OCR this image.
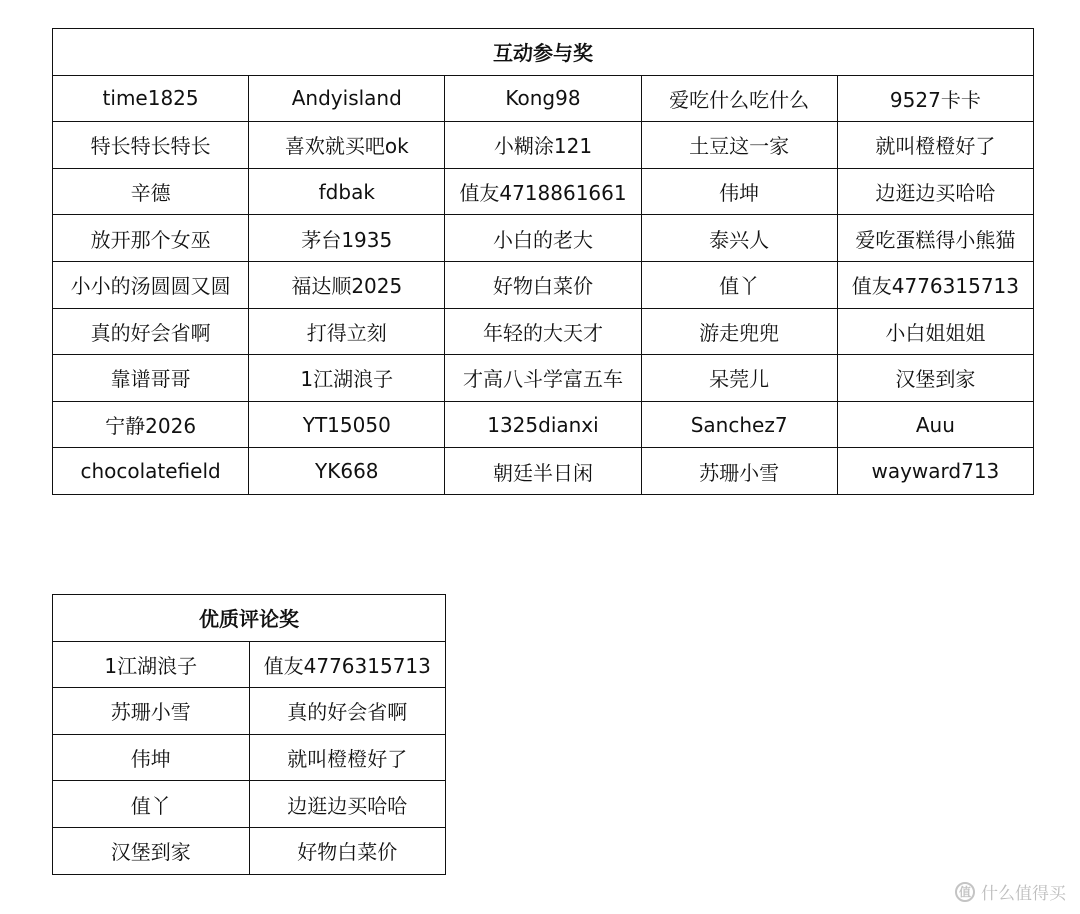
互动参与奖				
time1825	Andyisland	Kong98	爱吃什么吃什么	9527卡卡
特长特长特长	喜欢就买吧ok	小糊涂121	土豆这一家	就叫橙橙好了
辛德	fdbak	值友4718861661	伟坤	边逛边买哈哈
放开那个女巫	茅台1935	小白的老大	泰兴人	爱吃蛋糕得小熊猫
小小的汤圆圆又圆	福达顺2025	好物白菜价	值丫	值友4776315713
真的好会省啊	打得立刻	年轻的大天才	游走兜兜	小白姐姐姐
靠谱哥哥	1江湖浪子	才高八斗学富五车	呆莞儿	汉堡到家
宁静2026	YT15050	1325dianxi	Sanchez7	Auu
chocolatefield	YK668	朝廷半日闲	苏珊小雪	wayward713
优质评论奖	
1江湖浪子	值友4776315713
苏珊小雪	真的好会省啊
伟坤	就叫橙橙好了
值丫	边逛边买哈哈
汉堡到家	好物白菜价
值 什么值得买
